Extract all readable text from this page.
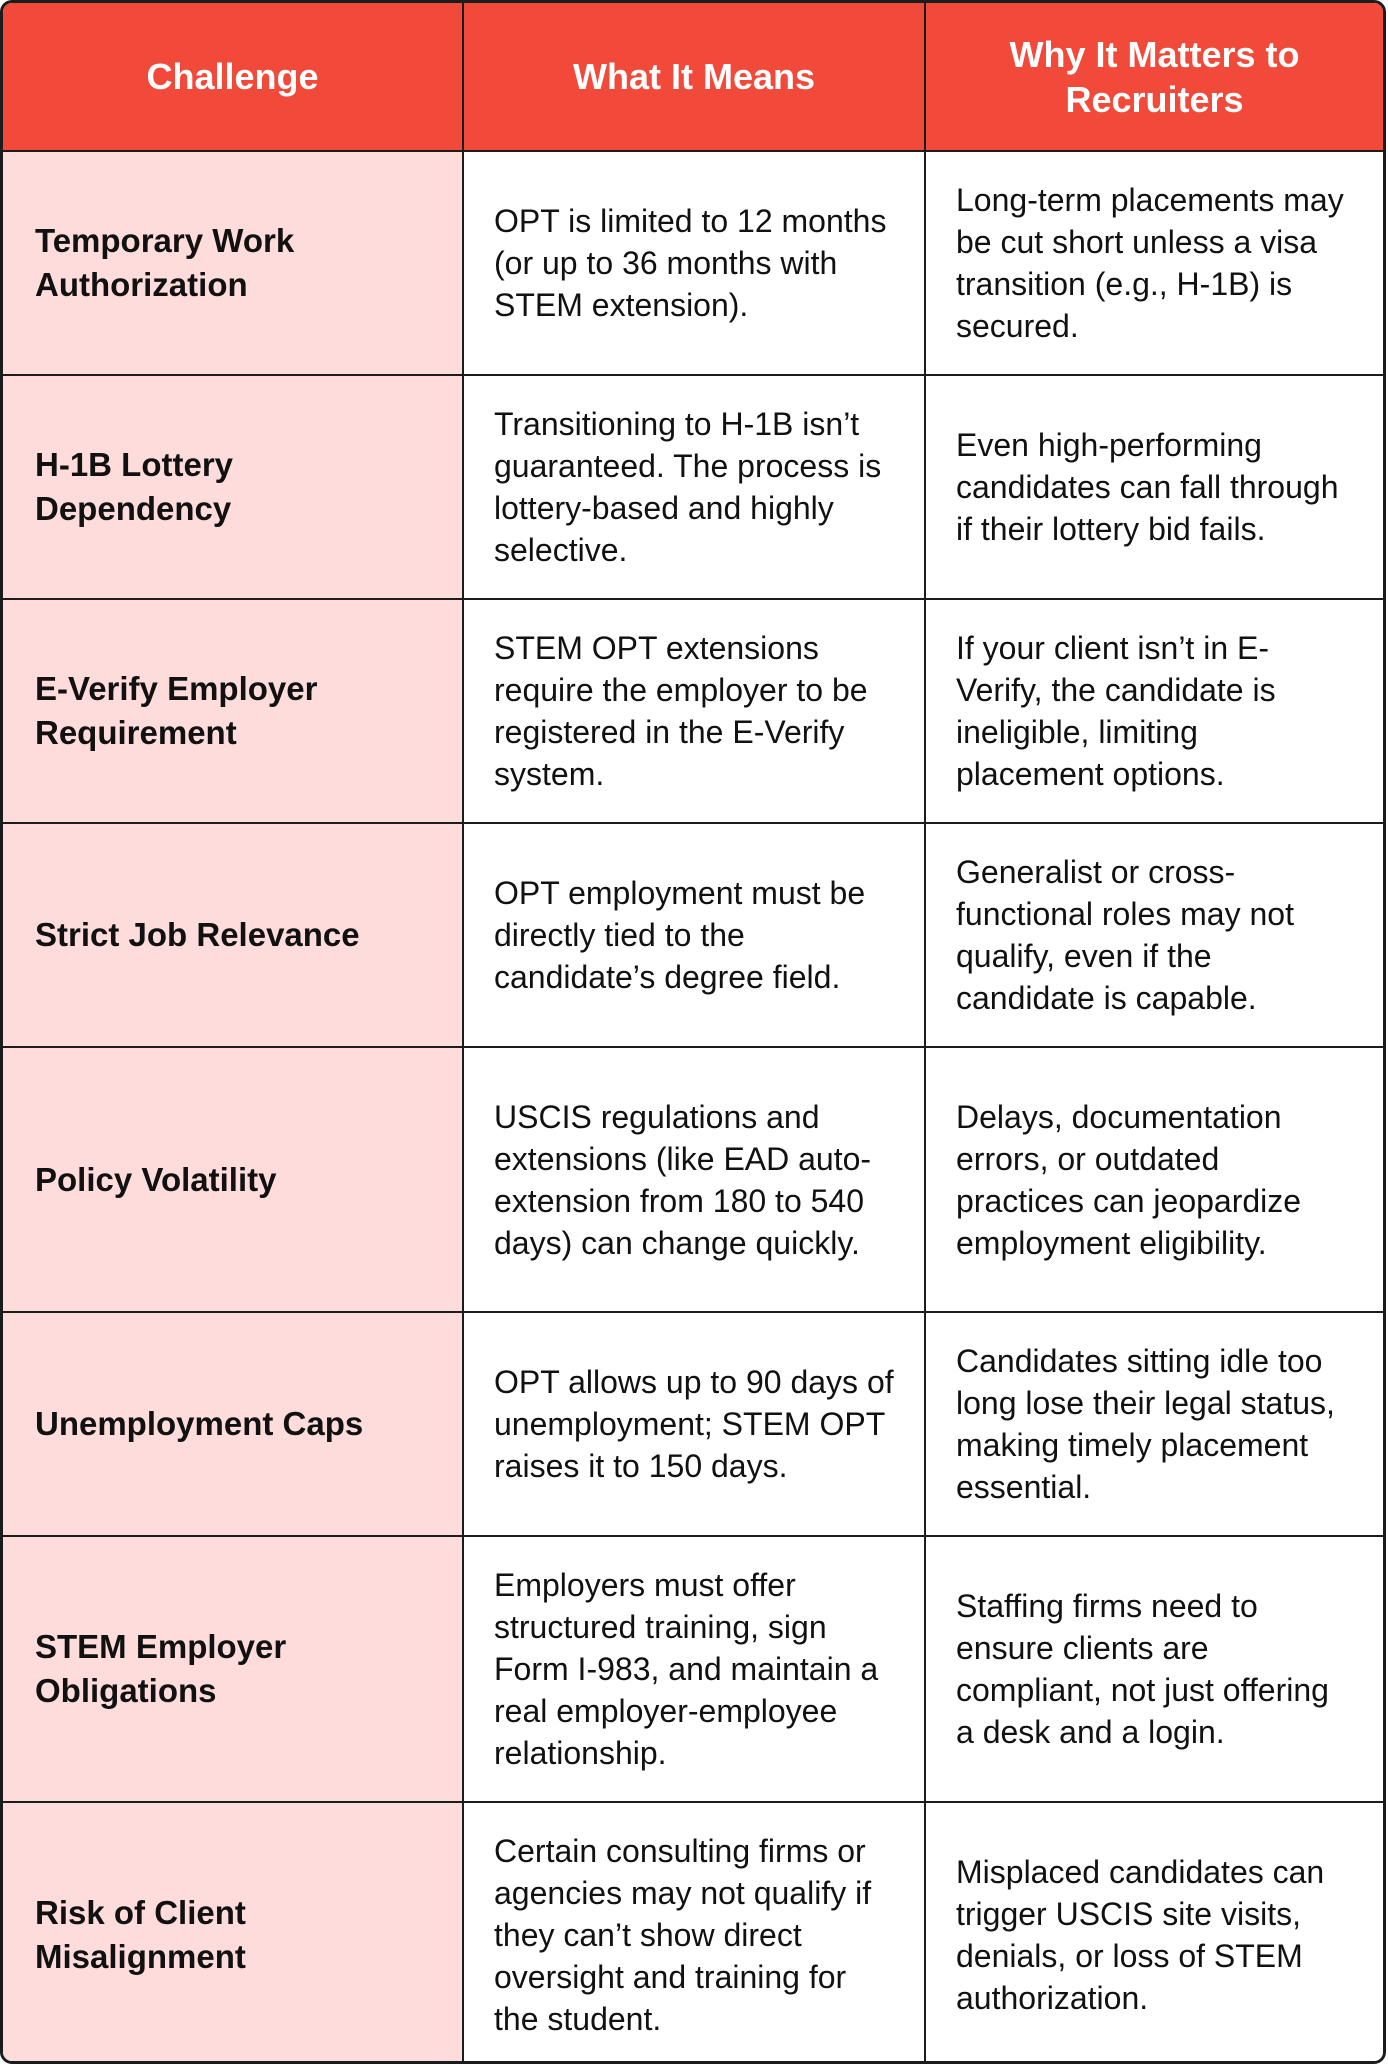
Challenge	What It Means	Why It Matters to Recruiters
Temporary Work Authorization	OPT is limited to 12 months (or up to 36 months with STEM extension).	Long-term placements may be cut short unless a visa transition (e.g., H-1B) is secured.
H-1B Lottery Dependency	Transitioning to H-1B isn’t guaranteed. The process is lottery-based and highly selective.	Even high-performing candidates can fall through if their lottery bid fails.
E-Verify Employer Requirement	STEM OPT extensions require the employer to be registered in the E-Verify system.	If your client isn’t in E-Verify, the candidate is ineligible, limiting placement options.
Strict Job Relevance	OPT employment must be directly tied to the candidate’s degree field.	Generalist or cross-functional roles may not qualify, even if the candidate is capable.
Policy Volatility	USCIS regulations and extensions (like EAD auto-extension from 180 to 540 days) can change quickly.	Delays, documentation errors, or outdated practices can jeopardize employment eligibility.
Unemployment Caps	OPT allows up to 90 days of unemployment; STEM OPT raises it to 150 days.	Candidates sitting idle too long lose their legal status, making timely placement essential.
STEM Employer Obligations	Employers must offer structured training, sign Form I-983, and maintain a real employer-employee relationship.	Staffing firms need to ensure clients are compliant, not just offering a desk and a login.
Risk of Client Misalignment	Certain consulting firms or agencies may not qualify if they can’t show direct oversight and training for the student.	Misplaced candidates can trigger USCIS site visits, denials, or loss of STEM authorization.
